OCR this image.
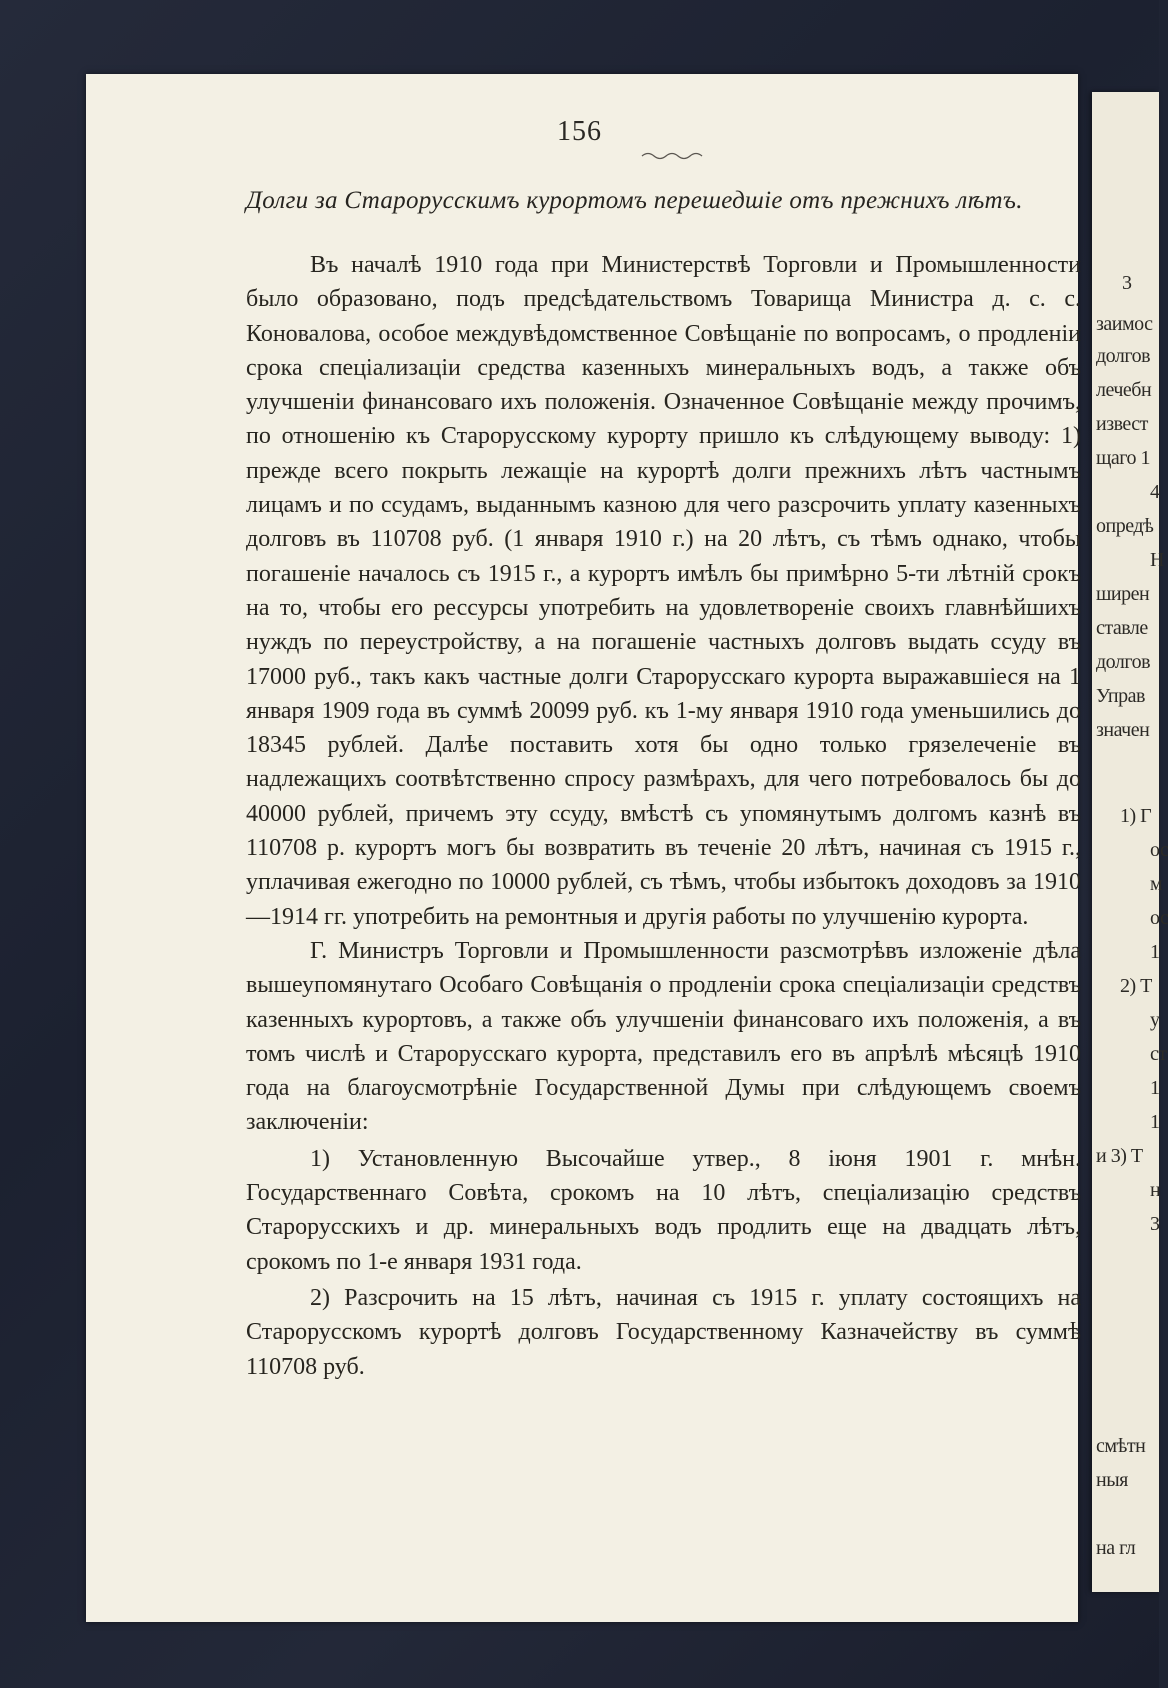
3
заимос
долгов
лечебн
извест
щаго 1
4
опредѣ
Н
ширен
ставле
долгов
Управ
значен
1) Г
ос
м
ос
1
2) Т
у
ст
1
1
и 3) Т
н
3
смѣтн
ныя
на гл
156
Долги за Старорусскимъ курортомъ перешедшіе отъ прежнихъ лѣтъ.

Въ началѣ 1910 года при Министерствѣ Торговли и Промышленности было образовано, подъ предсѣдательствомъ Товарища Министра д. с. с. Коновалова, особое междувѣдомственное Совѣщаніе по вопросамъ, о продленіи срока спеціализаціи средства казенныхъ минеральныхъ водъ, а также объ улучшеніи финансоваго ихъ положенія. Означенное Совѣщаніе между прочимъ, по отношенію къ Старорусскому курорту пришло къ слѣдующему выводу: 1) прежде всего покрыть лежащіе на курортѣ долги прежнихъ лѣтъ частнымъ лицамъ и по ссудамъ, выданнымъ казною для чего разсрочить уплату казенныхъ долговъ въ 110708 руб. (1 января 1910 г.) на 20 лѣтъ, съ тѣмъ однако, чтобы погашеніе началось съ 1915 г., а курортъ имѣлъ бы примѣрно 5-ти лѣтній срокъ на то, чтобы его рессурсы употребить на удовлетвореніе своихъ главнѣйшихъ нуждъ по переустройству, а на погашеніе частныхъ долговъ выдать ссуду въ 17000 руб., такъ какъ частные долги Старорусскаго курорта выражавшіеся на 1 января 1909 года въ суммѣ 20099 руб. къ 1-му января 1910 года уменьшились до 18345 рублей. Далѣе поставить хотя бы одно только грязелеченіе въ надлежащихъ соотвѣтственно спросу размѣрахъ, для чего потребовалось бы до 40000 рублей, причемъ эту ссуду, вмѣстѣ съ упомянутымъ долгомъ казнѣ въ 110708 р. курортъ могъ бы возвратить въ теченіе 20 лѣтъ, начиная съ 1915 г., уплачивая ежегодно по 10000 рублей, съ тѣмъ, чтобы избытокъ доходовъ за 1910—1914 гг. употребить на ремонтныя и другія работы по улучшенію курорта.

Г. Министръ Торговли и Промышленности разсмотрѣвъ изложеніе дѣла вышеупомянутаго Особаго Совѣщанія о продленіи срока спеціализаціи средствъ казенныхъ курортовъ, а также объ улучшеніи финансоваго ихъ положенія, а въ томъ числѣ и Старорусскаго курорта, представилъ его въ апрѣлѣ мѣсяцѣ 1910 года на благоусмотрѣніе Государственной Думы при слѣдующемъ своемъ заключеніи:

1) Установленную Высочайше утвер., 8 іюня 1901 г. мнѣн. Государственнаго Совѣта, срокомъ на 10 лѣтъ, спеціализацію средствъ Старорусскихъ и др. минеральныхъ водъ продлить еще на двадцать лѣтъ, срокомъ по 1-е января 1931 года.

2) Разсрочить на 15 лѣтъ, начиная съ 1915 г. уплату состоящихъ на Старорусскомъ курортѣ долговъ Государственному Казначейству въ суммѣ 110708 руб.
